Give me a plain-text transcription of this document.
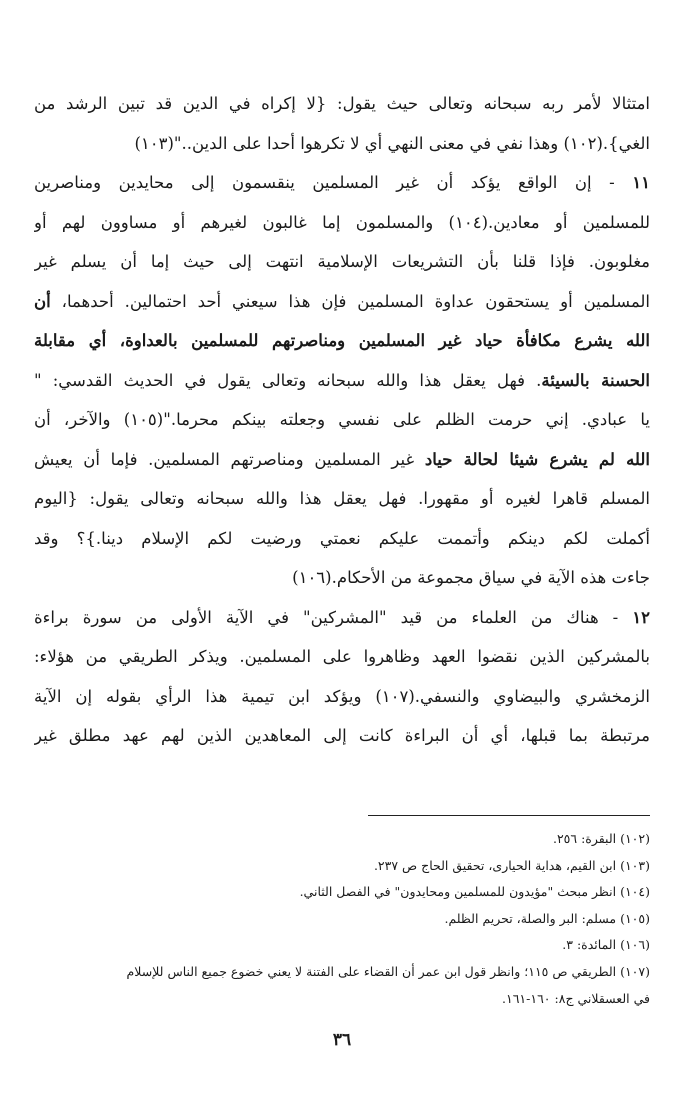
امتثالا لأمر ربه سبحانه وتعالى حيث يقول: {لا إكراه في الدين قد تبين الرشد من
الغي}.(١٠٢) وهذا نفي في معنى النهي أي لا تكرهوا أحدا على الدين.."(١٠٣)
١١ - إن الواقع يؤكد أن غير المسلمين ينقسمون إلى محايدين ومناصرين
للمسلمين أو معادين.(١٠٤) والمسلمون إما غالبون لغيرهم أو مساوون لهم أو
مغلوبون. فإذا قلنا بأن التشريعات الإسلامية انتهت إلى حيث إما أن يسلم غير
المسلمين أو يستحقون عداوة المسلمين فإن هذا سيعني أحد احتمالين. أحدهما، أن
الله يشرع مكافأة حياد غير المسلمين ومناصرتهم للمسلمين بالعداوة، أي مقابلة
الحسنة بالسيئة. فهل يعقل هذا والله سبحانه وتعالى يقول في الحديث القدسي: "
يا عبادي. إني حرمت الظلم على نفسي وجعلته بينكم محرما."(١٠٥) والآخر، أن
الله لم يشرع شيئا لحالة حياد غير المسلمين ومناصرتهم المسلمين. فإما أن يعيش
المسلم قاهرا لغيره أو مقهورا. فهل يعقل هذا والله سبحانه وتعالى يقول: {اليوم
أكملت لكم دينكم وأتممت عليكم نعمتي ورضيت لكم الإسلام دينا.}؟ وقد
جاءت هذه الآية في سياق مجموعة من الأحكام.(١٠٦)
١٢ - هناك من العلماء من قيد "المشركين" في الآية الأولى من سورة براءة
بالمشركين الذين نقضوا العهد وظاهروا على المسلمين. ويذكر الطريقي من هؤلاء:
الزمخشري والبيضاوي والنسفي.(١٠٧) ويؤكد ابن تيمية هذا الرأي بقوله إن الآية
مرتبطة بما قبلها، أي أن البراءة كانت إلى المعاهدين الذين لهم عهد مطلق غير
(١٠٢) البقرة: ٢٥٦.
(١٠٣) ابن القيم، هداية الحيارى، تحقيق الحاج ص ٢٣٧.
(١٠٤) انظر مبحث "مؤيدون للمسلمين ومحايدون" في الفصل الثاني.
(١٠٥) مسلم: البر والصلة، تحريم الظلم.
(١٠٦) المائدة: ٣.
(١٠٧) الطريقي ص ١١٥؛ وانظر قول ابن عمر أن القضاء على الفتنة لا يعني خضوع جميع الناس للإسلام
في العسقلاني ج٨: ١٦٠-١٦١.
٣٦
